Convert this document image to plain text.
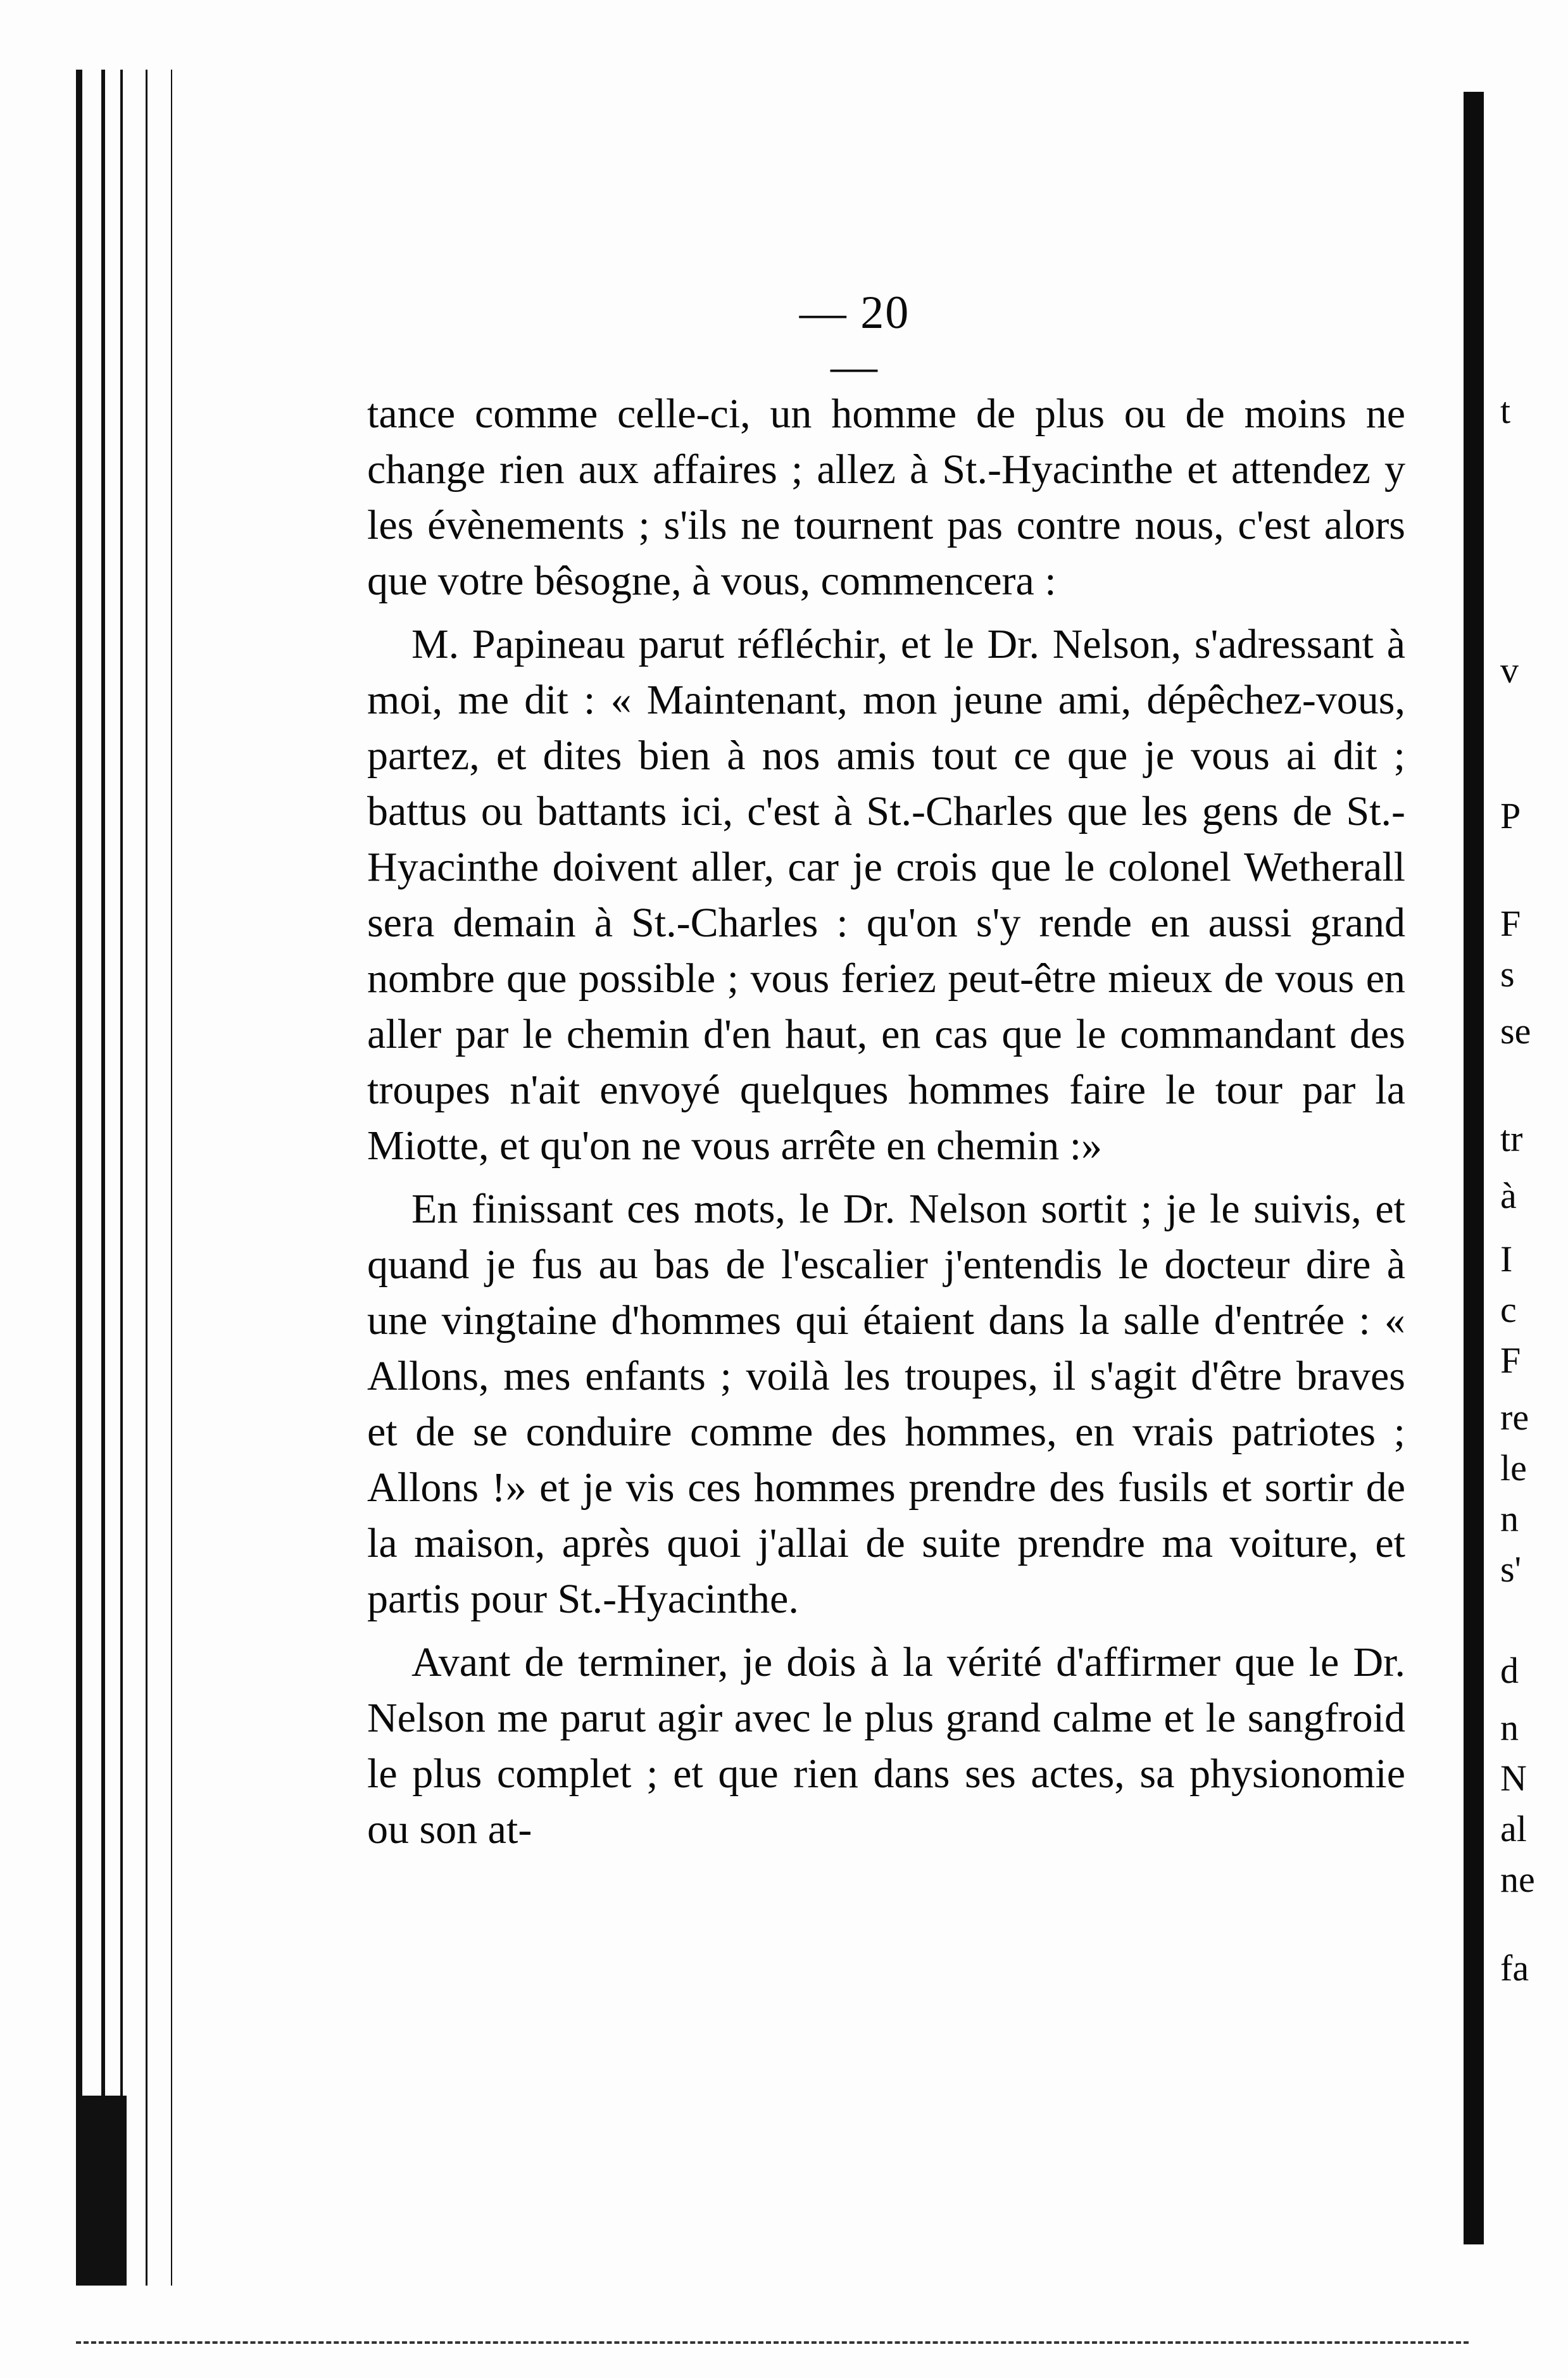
t
v
P
F
s
se
tr
à
I
c
F
re
le
n
s'
d
n
N
al
ne
fa
— 20 —

tance comme celle-ci, un homme de plus ou de moins ne change rien aux affaires ; allez à St.-Hyacinthe et attendez y les évènements ; s'ils ne tournent pas contre nous, c'est alors que votre bêsogne, à vous, commencera :

M. Papineau parut réfléchir, et le Dr. Nelson, s'adressant à moi, me dit : « Maintenant, mon jeune ami, dépêchez-vous, partez, et dites bien à nos amis tout ce que je vous ai dit ; battus ou battants ici, c'est à St.-Charles que les gens de St.-Hyacinthe doivent aller, car je crois que le colonel Wetherall sera demain à St.-Charles : qu'on s'y rende en aussi grand nombre que possible ; vous feriez peut-être mieux de vous en aller par le chemin d'en haut, en cas que le commandant des troupes n'ait envoyé quelques hommes faire le tour par la Miotte, et qu'on ne vous arrête en chemin :»

En finissant ces mots, le Dr. Nelson sortit ; je le suivis, et quand je fus au bas de l'escalier j'entendis le docteur dire à une vingtaine d'hommes qui étaient dans la salle d'entrée : « Allons, mes enfants ; voilà les troupes, il s'agit d'être braves et de se conduire comme des hommes, en vrais patriotes ; Allons !» et je vis ces hommes prendre des fusils et sortir de la maison, après quoi j'allai de suite prendre ma voiture, et partis pour St.-Hyacinthe.

Avant de terminer, je dois à la vérité d'affirmer que le Dr. Nelson me parut agir avec le plus grand calme et le sangfroid le plus complet ; et que rien dans ses actes, sa physionomie ou son at-
